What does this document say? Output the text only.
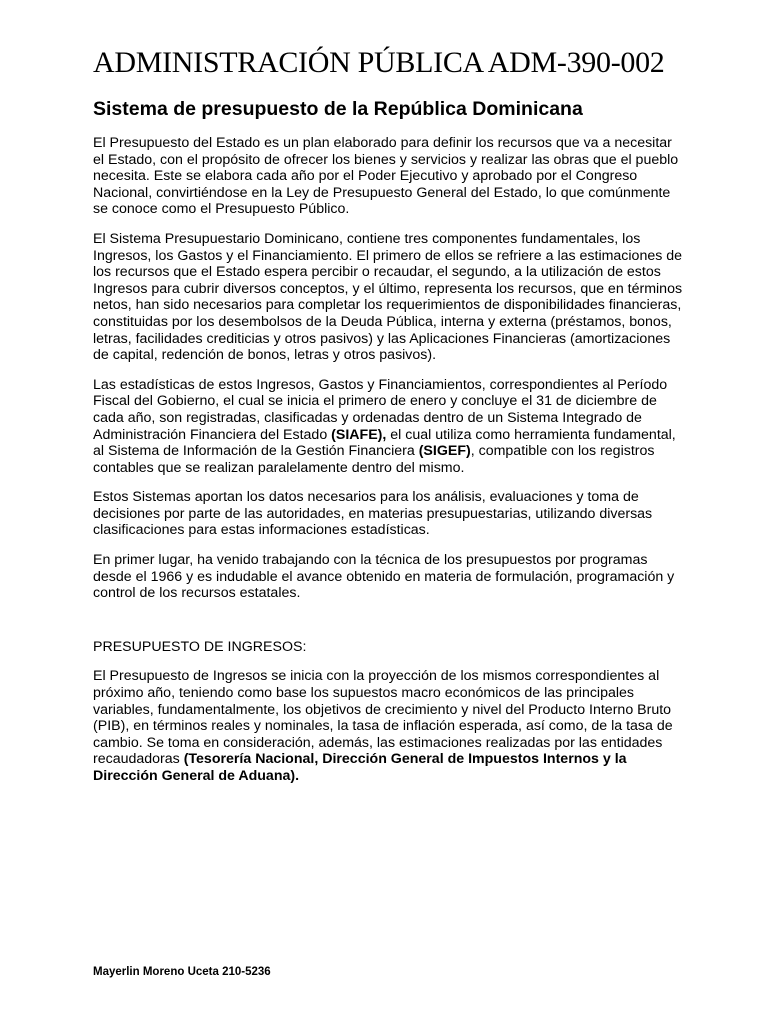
ADMINISTRACIÓN PÚBLICA ADM-390-002
Sistema de presupuesto de la República Dominicana

El Presupuesto del Estado es un plan elaborado para definir los recursos que va a necesitar el Estado, con el propósito de ofrecer los bienes y servicios y realizar las obras que el pueblo necesita. Este se elabora cada año por el Poder Ejecutivo y aprobado por el Congreso Nacional, convirtiéndose en la Ley de Presupuesto General del Estado, lo que comúnmente se conoce como el Presupuesto Público.

El Sistema Presupuestario Dominicano, contiene tres componentes fundamentales, los Ingresos, los Gastos y el Financiamiento. El primero de ellos se refriere a las estimaciones de los recursos que el Estado espera percibir o recaudar, el segundo, a la utilización de estos Ingresos para cubrir diversos conceptos, y el último, representa los recursos, que en términos netos, han sido necesarios para completar los requerimientos de disponibilidades financieras, constituidas por los desembolsos de la Deuda Pública, interna y externa (préstamos, bonos, letras, facilidades crediticias y otros pasivos) y las Aplicaciones Financieras (amortizaciones de capital, redención de bonos, letras y otros pasivos).

Las estadísticas de estos Ingresos, Gastos y Financiamientos, correspondientes al Período Fiscal del Gobierno, el cual se inicia el primero de enero y concluye el 31 de diciembre de cada año, son registradas, clasificadas y ordenadas dentro de un Sistema Integrado de Administración Financiera del Estado (SIAFE), el cual utiliza como herramienta fundamental, al Sistema de Información de la Gestión Financiera (SIGEF), compatible con los registros contables que se realizan paralelamente dentro del mismo.

Estos Sistemas aportan los datos necesarios para los análisis, evaluaciones y toma de decisiones por parte de las autoridades, en materias presupuestarias, utilizando diversas clasificaciones para estas informaciones estadísticas.

En primer lugar, ha venido trabajando con la técnica de los presupuestos por programas desde el 1966 y es indudable el avance obtenido en materia de formulación, programación y control de los recursos estatales.

PRESUPUESTO DE INGRESOS:

El Presupuesto de Ingresos se inicia con la proyección de los mismos correspondientes al próximo año, teniendo como base los supuestos macro económicos de las principales variables, fundamentalmente, los objetivos de crecimiento y nivel del Producto Interno Bruto (PIB), en términos reales y nominales, la tasa de inflación esperada, así como, de la tasa de cambio. Se toma en consideración, además, las estimaciones realizadas por las entidades recaudadoras (Tesorería Nacional, Dirección General de Impuestos Internos y la Dirección General de Aduana).

Mayerlin Moreno Uceta 210-5236
